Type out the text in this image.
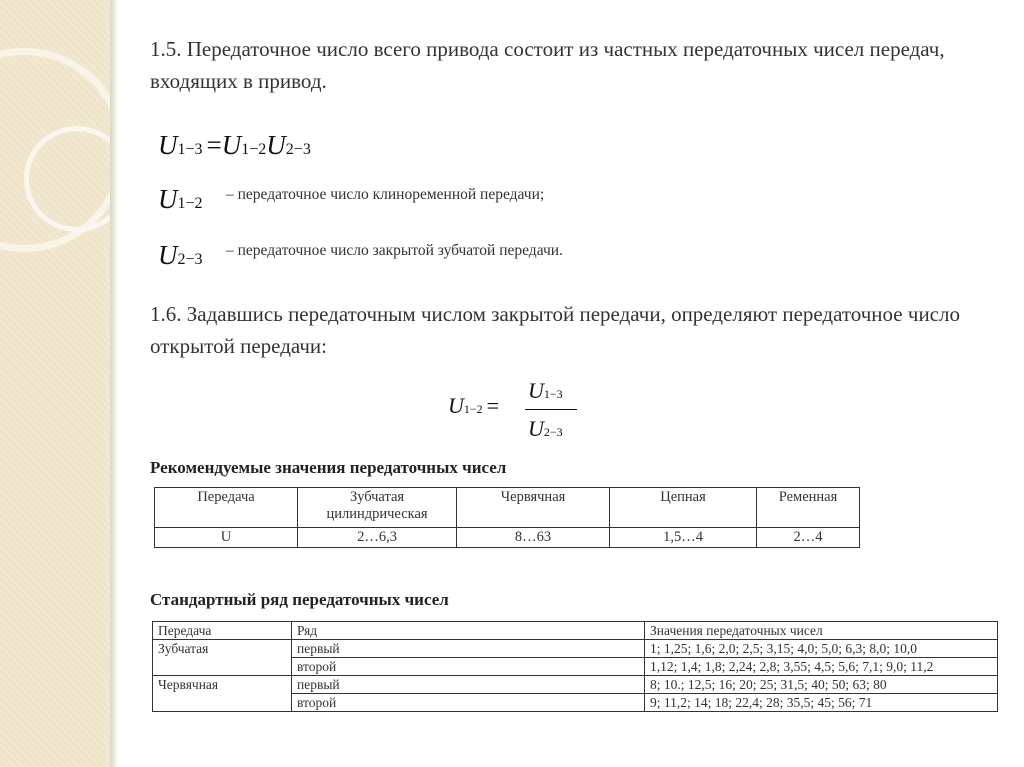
1.5. Передаточное число всего привода состоит из частных передаточных чисел передач, входящих в привод.
U1−3 =U1−2U2−3
U1−2
– передаточное число клиноременной передачи;
U2−3
– передаточное число закрытой зубчатой передачи.
1.6. Задавшись передаточным числом закрытой передачи, определяют передаточное число открытой передачи:
U1−2 =
U1−3
U2−3
Рекомендуемые значения передаточных чисел
Передача	Зубчатая цилиндрическая	Червячная	Цепная	Ременная
U	2…6,3	8…63	1,5…4	2…4
Стандартный ряд передаточных чисел
Передача	Ряд	Значения передаточных чисел
Зубчатая	первый	1; 1,25; 1,6; 2,0; 2,5; 3,15; 4,0; 5,0; 6,3; 8,0; 10,0
	второй	1,12; 1,4; 1,8; 2,24; 2,8; 3,55; 4,5; 5,6; 7,1; 9,0; 11,2
Червячная	первый	8; 10.; 12,5; 16; 20; 25; 31,5; 40; 50; 63; 80
	второй	9; 11,2; 14; 18; 22,4; 28; 35,5; 45; 56; 71
